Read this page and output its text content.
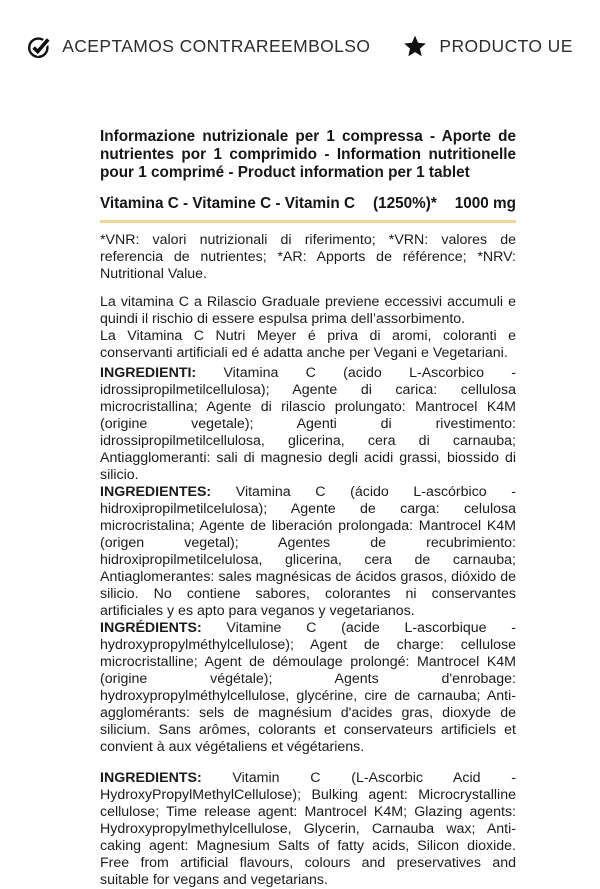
ACEPTAMOS CONTRAREEMBOLSO	PRODUCTO UE

Informazione nutrizionale per 1 compressa - Aporte de nutrientes por 1 comprimido - Information nutritionelle pour 1 comprimé - Product information per 1 tablet

Vitamina C - Vitamine C - Vitamin C (1250%)* 1000 mg

*VNR: valori nutrizionali di riferimento; *VRN: valores de referencia de nutrientes; *AR: Apports de référence; *NRV: Nutritional Value.

La vitamina C a Rilascio Graduale previene eccessivi accumuli e quindi il rischio di essere espulsa prima dell’assorbimento.

La Vitamina C Nutri Meyer é priva di aromi, coloranti e conservanti artificiali ed é adatta anche per Vegani e Vegetariani.

INGREDIENTI: Vitamina C (acido L-Ascorbico - idrossipropilmetilcellulosa); Agente di carica: cellulosa microcristallina; Agente di rilascio prolungato: Mantrocel K4M (origine vegetale); Agenti di rivestimento: idrossipropilmetilcellulosa, glicerina, cera di carnauba; Antiagglomeranti: sali di magnesio degli acidi grassi, biossido di silicio.

INGREDIENTES: Vitamina C (ácido L-ascórbico - hidroxipropilmetilcelulosa); Agente de carga: celulosa microcristalina; Agente de liberación prolongada: Mantrocel K4M (origen vegetal); Agentes de recubrimiento: hidroxipropilmetilcelulosa, glicerina, cera de carnauba; Antiaglomerantes: sales magnésicas de ácidos grasos, dióxido de silicio. No contiene sabores, colorantes ni conservantes artificiales y es apto para veganos y vegetarianos.

INGRÉDIENTS: Vitamine C (acide L-ascorbique - hydroxypropylméthylcellulose); Agent de charge: cellulose microcristalline; Agent de démoulage prolongé: Mantrocel K4M (origine végétale); Agents d'enrobage: hydroxypropylméthylcellulose, glycérine, cire de carnauba; Anti-agglomérants: sels de magnésium d'acides gras, dioxyde de silicium. Sans arômes, colorants et conservateurs artificiels et convient à aux végétaliens et végétariens.

INGREDIENTS: Vitamin C (L-Ascorbic Acid - HydroxyPropylMethylCellulose); Bulking agent: Microcrystalline cellulose; Time release agent: Mantrocel K4M; Glazing agents: Hydroxypropylmethylcellulose, Glycerin, Carnauba wax; Anti-caking agent: Magnesium Salts of fatty acids, Silicon dioxide. Free from artificial flavours, colours and preservatives and suitable for vegans and vegetarians.
